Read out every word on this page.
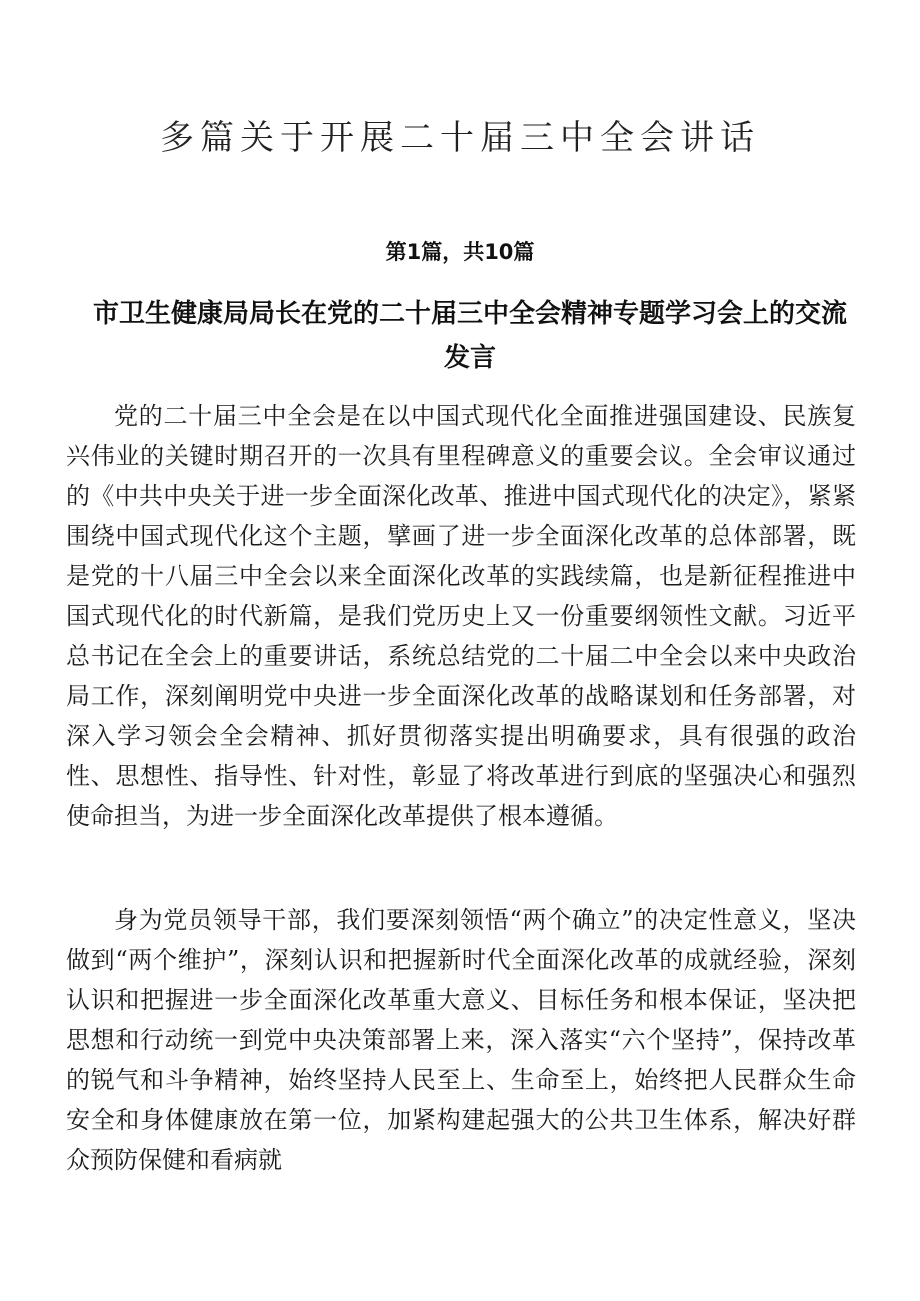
多篇关于开展二十届三中全会讲话
第1篇，共10篇
市卫生健康局局长在党的二十届三中全会精神专题学习会上的交流发言

党的二十届三中全会是在以中国式现代化全面推进强国建设、民族复兴伟业的关键时期召开的一次具有里程碑意义的重要会议。全会审议通过的《中共中央关于进一步全面深化改革、推进中国式现代化的决定》，紧紧围绕中国式现代化这个主题，擘画了进一步全面深化改革的总体部署，既是党的十八届三中全会以来全面深化改革的实践续篇，也是新征程推进中国式现代化的时代新篇，是我们党历史上又一份重要纲领性文献。习近平总书记在全会上的重要讲话，系统总结党的二十届二中全会以来中央政治局工作，深刻阐明党中央进一步全面深化改革的战略谋划和任务部署，对深入学习领会全会精神、抓好贯彻落实提出明确要求，具有很强的政治性、思想性、指导性、针对性，彰显了将改革进行到底的坚强决心和强烈使命担当，为进一步全面深化改革提供了根本遵循。

身为党员领导干部，我们要深刻领悟“两个确立”的决定性意义，坚决做到“两个维护”，深刻认识和把握新时代全面深化改革的成就经验，深刻认识和把握进一步全面深化改革重大意义、目标任务和根本保证，坚决把思想和行动统一到党中央决策部署上来，深入落实“六个坚持”，保持改革的锐气和斗争精神，始终坚持人民至上、生命至上，始终把人民群众生命安全和身体健康放在第一位，加紧构建起强大的公共卫生体系，解决好群众预防保健和看病就
